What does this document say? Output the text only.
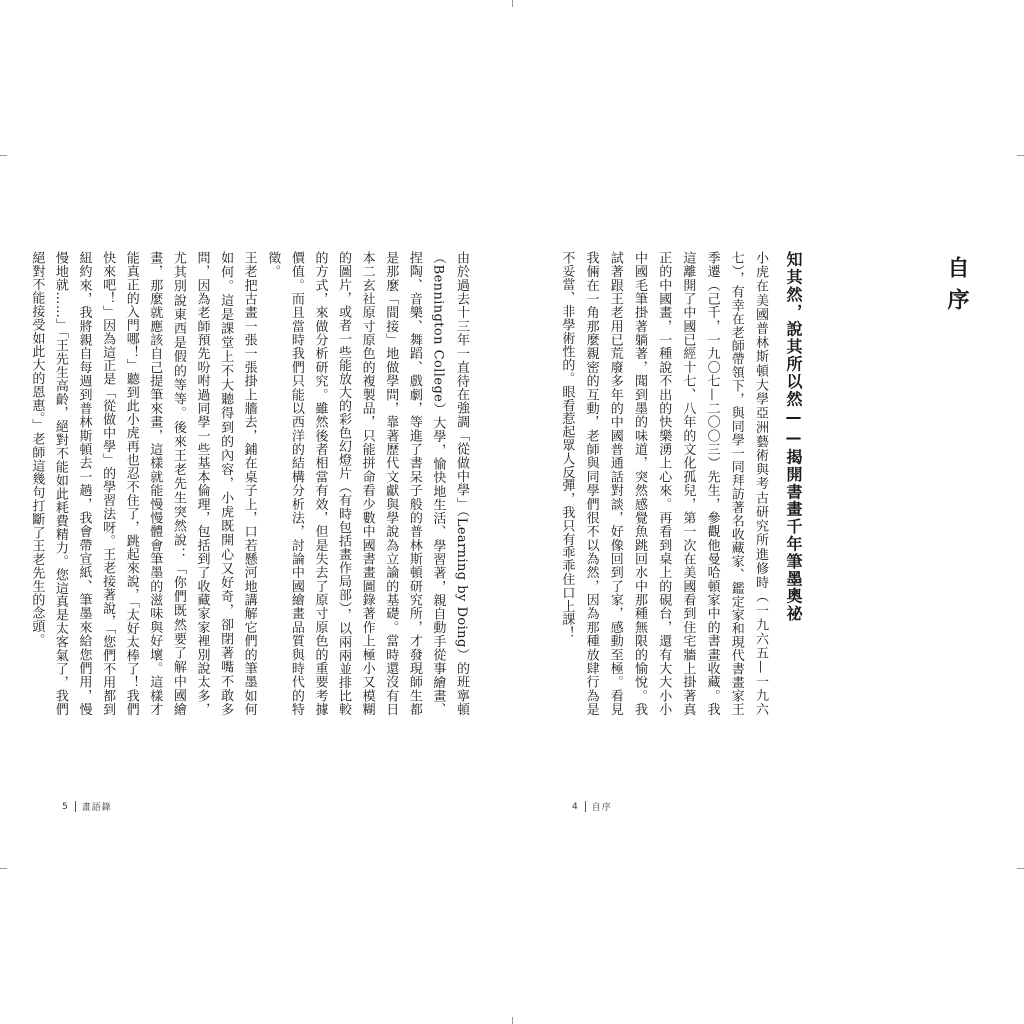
由於過去十三年一直待在強調「從做中學」（Learning by Doing）的班寧頓（Bennington College）大學，愉快地生活、學習著，親自動手從事繪畫、捏陶、音樂、舞蹈、戲劇，等進了書呆子般的普林斯頓研究所，才發現師生都是那麼「間接」地做學問，靠著歷代文獻與學說為立論的基礎。當時還沒有日本二玄社原寸原色的複製品，只能拼命看少數中國書畫圖錄著作上極小又模糊的圖片，或者一些能放大的彩色幻燈片（有時包括畫作局部），以兩兩並排比較的方式，來做分析研究。雖然後者相當有效，但是失去了原寸原色的重要考據價值。而且當時我們只能以西洋的結構分析法，討論中國繪畫品質與時代的特徵。
王老把古畫一張一張掛上牆去，鋪在桌子上，口若懸河地講解它們的筆墨如何如何。這是課堂上不大聽得到的內容，小虎既開心又好奇，卻閉著嘴不敢多問，因為老師預先吩咐過同學一些基本倫理，包括到了收藏家家裡別說太多，尤其別說東西是假的等等。後來王老先生突然說：「你們既然要了解中國繪畫，那麼就應該自己提筆來畫，這樣就能慢慢體會筆墨的滋味與好壞。這樣才能真正的入門哪！」聽到此小虎再也忍不住了，跳起來說，「太好太棒了！我們快來吧！」因為這正是「從做中學」的學習法呀。王老接著說，「您們不用都到紐約來，我將親自每週到普林斯頓去一趟，我會帶宣紙、筆墨來給您們用，慢慢地就……」「王先生高齡，絕對不能如此耗費精力。您這真是太客氣了，我們絕對不能接受如此大的恩惠。」老師這幾句打斷了王老先生的念頭。
5 畫語錄
自序
知其然，說其所以然——揭開書畫千年筆墨奧祕
小虎在美國普林斯頓大學亞洲藝術與考古研究所進修時（一九六五—一九六七），有幸在老師帶領下，與同學一同拜訪著名收藏家、鑑定家和現代書畫家王季遷（己千，一九〇七—二〇〇三）先生，參觀他曼哈頓家中的書畫收藏。我這離開了中國已經十七、八年的文化孤兒，第一次在美國看到住宅牆上掛著真正的中國畫，一種說不出的快樂湧上心來。再看到桌上的硯台，還有大大小小中國毛筆掛著躺著，聞到墨的味道，突然感覺魚跳回水中那種無限的愉悅。我試著跟王老用已荒廢多年的中國普通話對談，好像回到了家，感動至極。看見我倆在一角那麼親密的互動，老師與同學們很不以為然，因為那種放肆行為是不妥當、非學術性的。眼看惹起眾人反彈，我只有乖乖住口上課！
4 自序
